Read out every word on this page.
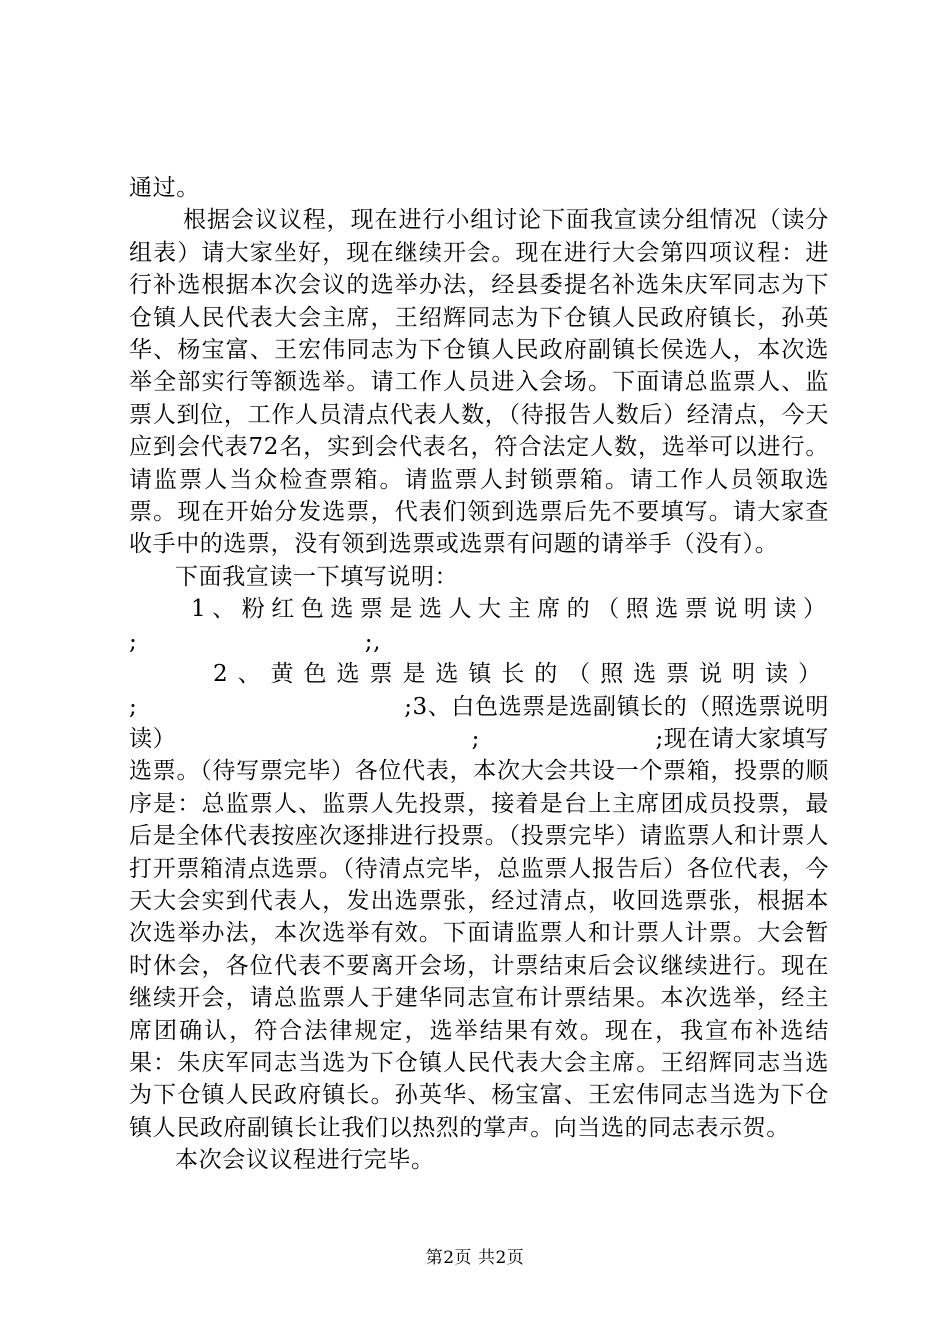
通过。

根据会议议程，现在进行小组讨论下面我宣读分组情况（读分组表）请大家坐好，现在继续开会。现在进行大会第四项议程：进行补选根据本次会议的选举办法，经县委提名补选朱庆军同志为下仓镇人民代表大会主席，王绍辉同志为下仓镇人民政府镇长，孙英华、杨宝富、王宏伟同志为下仓镇人民政府副镇长侯选人，本次选举全部实行等额选举。请工作人员进入会场。下面请总监票人、监票人到位，工作人员清点代表人数，（待报告人数后）经清点，今天应到会代表72名，实到会代表名，符合法定人数，选举可以进行。请监票人当众检查票箱。请监票人封锁票箱。请工作人员领取选票。现在开始分发选票，代表们领到选票后先不要填写。请大家查收手中的选票，没有领到选票或选票有问题的请举手（没有）。

下面我宣读一下填写说明：

1、粉红色选票是选人大主席的（照选票说明读）

;	;,

2、黄色选票是选镇长的（照选票说明读）

;	;3、白色选票是选副镇长的（照选票说明
读）	;	;现在请大家填写

选票。（待写票完毕）各位代表，本次大会共设一个票箱，投票的顺序是：总监票人、监票人先投票，接着是台上主席团成员投票，最后是全体代表按座次逐排进行投票。（投票完毕）请监票人和计票人打开票箱清点选票。（待清点完毕，总监票人报告后）各位代表，今天大会实到代表人，发出选票张，经过清点，收回选票张，根据本次选举办法，本次选举有效。下面请监票人和计票人计票。大会暂时休会，各位代表不要离开会场，计票结束后会议继续进行。现在继续开会，请总监票人于建华同志宣布计票结果。本次选举，经主席团确认，符合法律规定，选举结果有效。现在，我宣布补选结果：朱庆军同志当选为下仓镇人民代表大会主席。王绍辉同志当选为下仓镇人民政府镇长。孙英华、杨宝富、王宏伟同志当选为下仓镇人民政府副镇长让我们以热烈的掌声。向当选的同志表示贺。

本次会议议程进行完毕。

第2页 共2页
